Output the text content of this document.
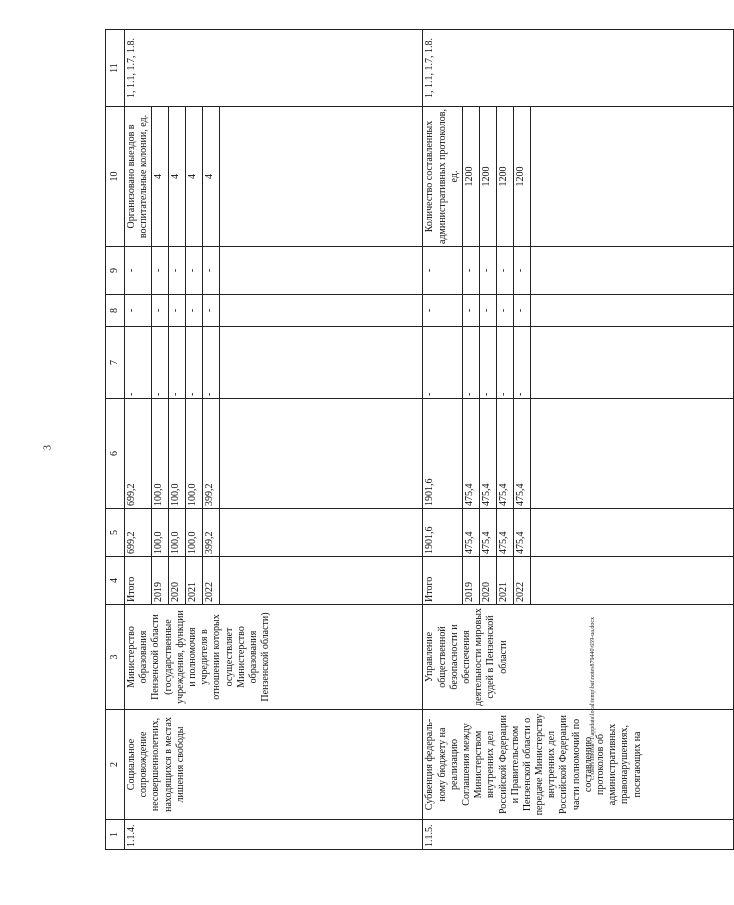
3
1	2	3	4	5	6	7	8	9	10	11
1.1.4.	Социальное сопровождение несовершеннолетних, находящихся в местах лишения свободы	Министерство образования Пензенской области (государственные учреждения, функции и полномочия учредителя в отношении которых осуществляет Министерство образования Пензенской области)	Итого	699,2	699,2	-	-	-	Организовано выездов в воспитательные колонии, ед.	1, 1.1, 1.7, 1.8.
			2019	100,0	100,0	-	-	-	4	
			2020	100,0	100,0	-	-	-	4	
			2021	100,0	100,0	-	-	-	4	
			2022	399,2	399,2	-	-	-	4	

1.1.5.	Субвенция федераль-ному бюджету на реализацию Соглашения между Министерством внутренних дел Российской Федерации и Правительством Пензенской области о передаче Министерству внутренних дел Российской Федерации части полномочий по составлению протоколов об административных правонарушениях, посягающих на	Управление общественной безопасности и обеспечения деятельности мировых судей в Пензенской области	Итого	1901,6	1901,6	-	-	-	Количество составленных административных протоколов, ед.	1, 1.1, 1.7, 1.8.
			2019	475,4	475,4	-	-	-	1200	
			2020	475,4	475,4	-	-	-	1200	
			2021	475,4	475,4	-	-	-	1200	
			2022	475,4	475,4	-	-	-	1200	

c:\users\tiborsk~1\appdata\local\temp\bat\notes879440\659-ua.docx
